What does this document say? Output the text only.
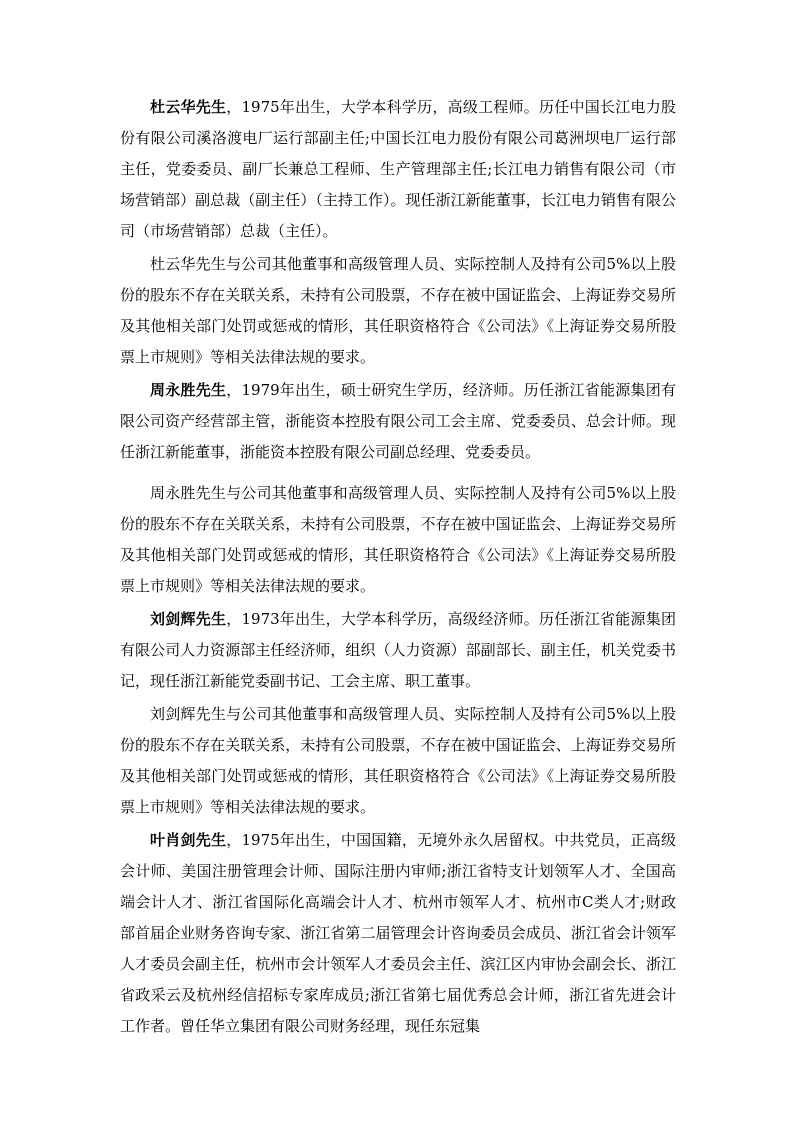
杜云华先生，1975年出生，大学本科学历，高级工程师。历任中国长江电力股份有限公司溪洛渡电厂运行部副主任;中国长江电力股份有限公司葛洲坝电厂运行部主任，党委委员、副厂长兼总工程师、生产管理部主任;长江电力销售有限公司（市场营销部）副总裁（副主任）（主持工作）。现任浙江新能董事，长江电力销售有限公司（市场营销部）总裁（主任）。

杜云华先生与公司其他董事和高级管理人员、实际控制人及持有公司5%以上股份的股东不存在关联关系，未持有公司股票，不存在被中国证监会、上海证券交易所及其他相关部门处罚或惩戒的情形，其任职资格符合《公司法》《上海证券交易所股票上市规则》等相关法律法规的要求。

周永胜先生，1979年出生，硕士研究生学历，经济师。历任浙江省能源集团有限公司资产经营部主管，浙能资本控股有限公司工会主席、党委委员、总会计师。现任浙江新能董事，浙能资本控股有限公司副总经理、党委委员。

周永胜先生与公司其他董事和高级管理人员、实际控制人及持有公司5%以上股份的股东不存在关联关系，未持有公司股票，不存在被中国证监会、上海证券交易所及其他相关部门处罚或惩戒的情形，其任职资格符合《公司法》《上海证券交易所股票上市规则》等相关法律法规的要求。

刘剑辉先生，1973年出生，大学本科学历，高级经济师。历任浙江省能源集团有限公司人力资源部主任经济师，组织（人力资源）部副部长、副主任，机关党委书记，现任浙江新能党委副书记、工会主席、职工董事。

刘剑辉先生与公司其他董事和高级管理人员、实际控制人及持有公司5%以上股份的股东不存在关联关系，未持有公司股票，不存在被中国证监会、上海证券交易所及其他相关部门处罚或惩戒的情形，其任职资格符合《公司法》《上海证券交易所股票上市规则》等相关法律法规的要求。

叶肖剑先生，1975年出生，中国国籍，无境外永久居留权。中共党员，正高级会计师、美国注册管理会计师、国际注册内审师;浙江省特支计划领军人才、全国高端会计人才、浙江省国际化高端会计人才、杭州市领军人才、杭州市C类人才;财政部首届企业财务咨询专家、浙江省第二届管理会计咨询委员会成员、浙江省会计领军人才委员会副主任，杭州市会计领军人才委员会主任、滨江区内审协会副会长、浙江省政采云及杭州经信招标专家库成员;浙江省第七届优秀总会计师，浙江省先进会计工作者。曾任华立集团有限公司财务经理，现任东冠集
